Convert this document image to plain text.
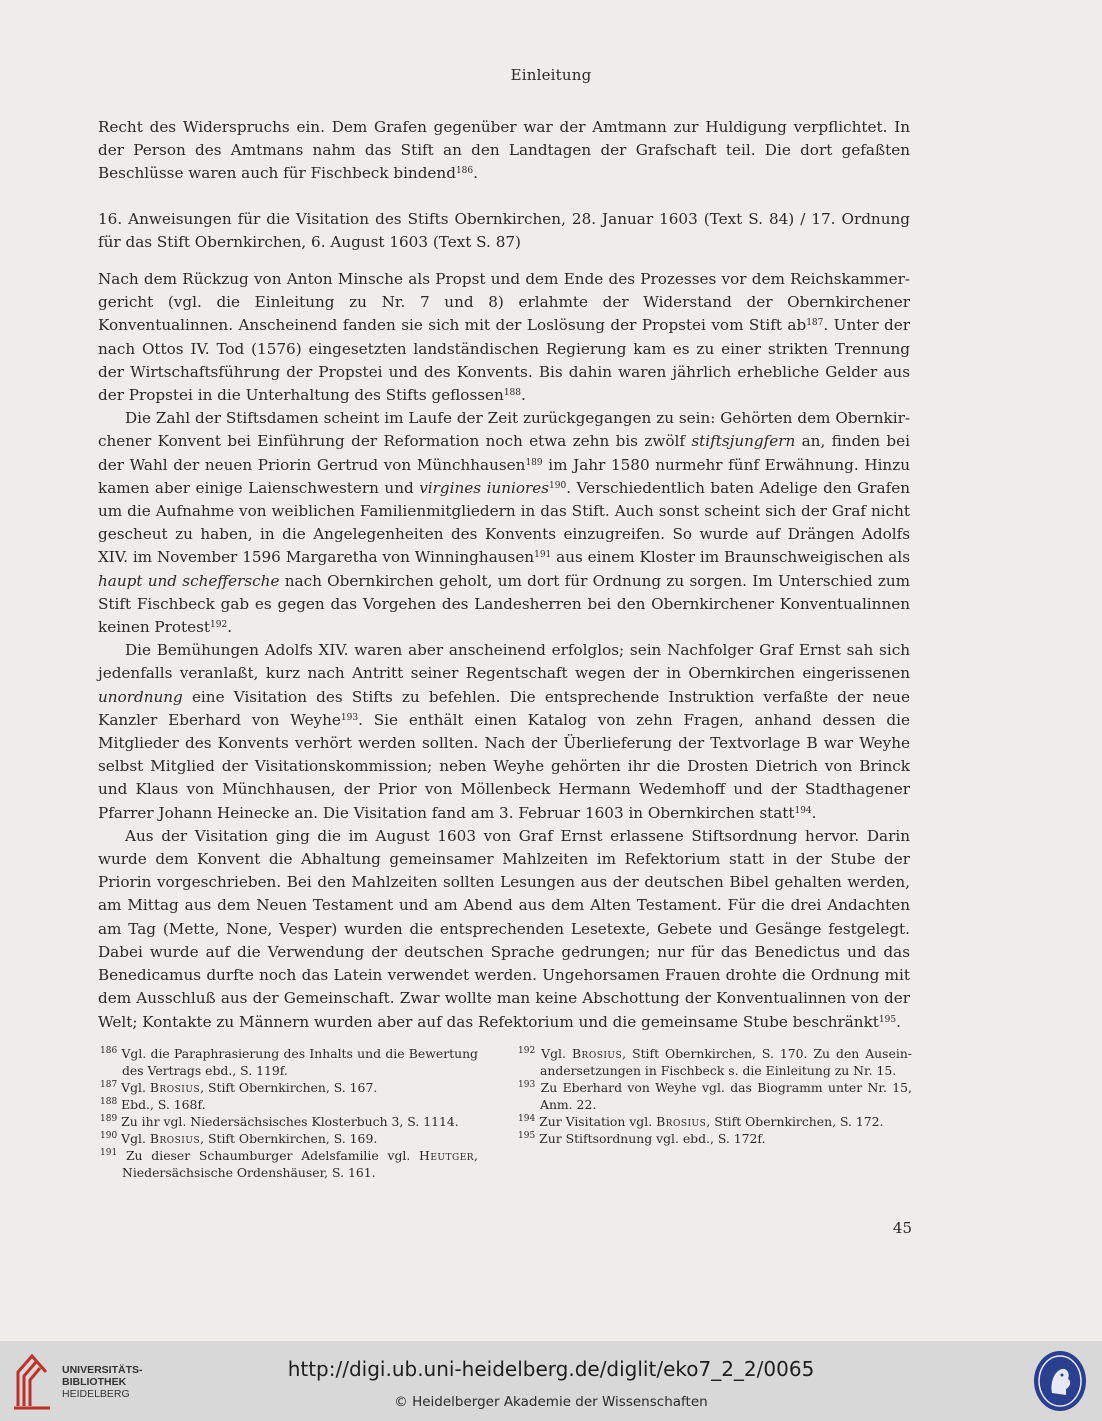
Einleitung

Recht des Widerspruchs ein. Dem Grafen gegenüber war der Amtmann zur Huldigung verpflichtet. In der Person des Amtmans nahm das Stift an den Landtagen der Grafschaft teil. Die dort gefaßten Beschlüsse waren auch für Fischbeck bindend$^{186}$.

16. Anweisungen für die Visitation des Stifts Obernkirchen, 28. Januar 1603 (Text S. 84) / 17. Ordnung für das Stift Obernkirchen, 6. August 1603 (Text S. 87)

Nach dem Rückzug von Anton Minsche als Propst und dem Ende des Prozesses vor dem Reichskammergericht (vgl. die Einleitung zu Nr. 7 und 8) erlahmte der Widerstand der Obernkirchener Konventualinnen. Anscheinend fanden sie sich mit der Loslösung der Propstei vom Stift $ab^{187}$. Unter der nach Ottos IV. Tod (1576) eingesetzten landständischen Regierung kam es zu einer strikten Trennung der Wirtschaftsführung der Propstei und des Konvents. Bis dahin waren jährlich erhebliche Gelder aus der Propstei in die Unterhaltung des Stifts geflossen$^{188}$.

Die Zahl der Stiftsdamen scheint im Laufe der Zeit zurückgegangen zu sein: Gehörten dem Obernkirchener Konvent bei Einführung der Reformation noch etwa zehn bis zwölf stiftsjungfern an, finden bei der Wahl der neuen Priorin Gertrud von Münchhausen$^{189}$ im Jahr 1580 nurmehr fünf Erwähnung. Hinzu kamen aber einige Laienschwestern und virgines iuniores$^{190}$. Verschiedentlich baten Adelige den Grafen um die Aufnahme von weiblichen Familienmitgliedern in das Stift. Auch sonst scheint sich der Graf nicht gescheut zu haben, in die Angelegenheiten des Konvents einzugreifen. So wurde auf Drängen Adolfs XIV. im November 1596 Margaretha von Winninghausen$^{191}$ aus einem Kloster im Braunschweigischen als haupt und scheffersche nach Obernkirchen geholt, um dort für Ordnung zu sorgen. Im Unterschied zum Stift Fischbeck gab es gegen das Vorgehen des Landesherren bei den Obernkirchener Konventualinnen keinen Protest$^{192}$.

Die Bemühungen Adolfs XIV. waren aber anscheinend erfolglos; sein Nachfolger Graf Ernst sah sich jedenfalls veranlaßt, kurz nach Antritt seiner Regentschaft wegen der in Obernkirchen eingerissenen unordnung eine Visitation des Stifts zu befehlen. Die entsprechende Instruktion verfaßte der neue Kanzler Eberhard von Weyhe$^{193}$. Sie enthält einen Katalog von zehn Fragen, anhand dessen die Mitglieder des Konvents verhört werden sollten. Nach der Überlieferung der Textvorlage B war Weyhe selbst Mitglied der Visitationskommission; neben Weyhe gehörten ihr die Drosten Dietrich von Brinck und Klaus von Münchhausen, der Prior von Möllenbeck Hermann Wedemhoff und der Stadthagener Pfarrer Johann Heinecke an. Die Visitation fand am 3. Februar 1603 in Obernkirchen statt$^{194}$.

Aus der Visitation ging die im August 1603 von Graf Ernst erlassene Stiftsordnung hervor. Darin wurde dem Konvent die Abhaltung gemeinsamer Mahlzeiten im Refektorium statt in der Stube der Priorin vorgeschrieben. Bei den Mahlzeiten sollten Lesungen aus der deutschen Bibel gehalten werden, am Mittag aus dem Neuen Testament und am Abend aus dem Alten Testament. Für die drei Andachten am Tag (Mette, None, Vesper) wurden die entsprechenden Lesetexte, Gebete und Gesänge festgelegt. Dabei wurde auf die Verwendung der deutschen Sprache gedrungen; nur für das Benedictus und das Benedicamus durfte noch das Latein verwendet werden. Ungehorsamen Frauen drohte die Ordnung mit dem Ausschluß aus der Gemeinschaft. Zwar wollte man keine Abschottung der Konventualinnen von der Welt; Kontakte zu Männern wurden aber auf das Refektorium und die gemeinsame Stube beschränkt$^{195}$.

$^{186}$ Vgl. die Paraphrasierung des Inhalts und die Bewertung des Vertrags ebd., S. 119f.

$^{187}$ Vgl. Brosius, Stift Obernkirchen, S. 167.

$^{188}$ Ebd., S. 168f.

$^{189}$ Zu ihr vgl. Niedersächsisches Klosterbuch 3, S. 1114.

$^{190}$ Vgl. Brosius, Stift Obernkirchen, S. 169.

$^{191}$ Zu dieser Schaumburger Adelsfamilie vgl. Heutger, Niedersächsische Ordenshäuser, S. 161.

$^{192}$ Vgl. Brosius, Stift Obernkirchen, S. 170. Zu den Auseinandersetzungen in Fischbeck s. die Einleitung zu Nr. 15.

$^{193}$ Zu Eberhard von Weyhe vgl. das Biogramm unter Nr. 15, Anm. 22.

$^{194}$ Zur Visitation vgl. Brosius, Stift Obernkirchen, S. 172.

$^{195}$ Zur Stiftsordnung vgl. ebd., S. 172f.

45
UNIVERSITÄTS-
BIBLIOTHEK
HEIDELBERG
http://digi.ub.uni-heidelberg.de/diglit/eko7_2_2/0065
© Heidelberger Akademie der Wissenschaften
